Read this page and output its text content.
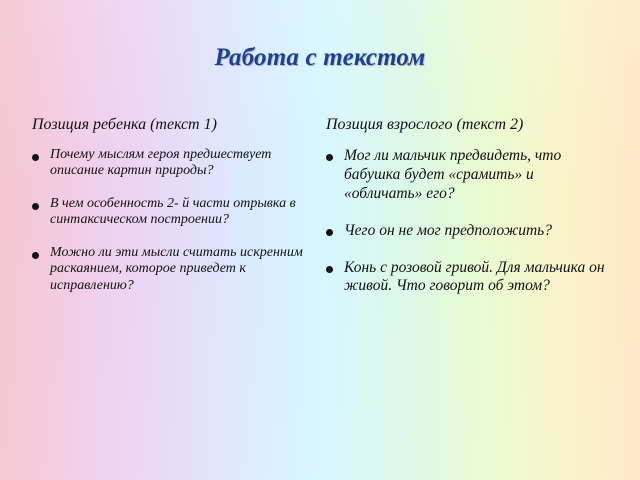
Работа с текстом
Позиция ребенка (текст 1)
Почему мыслям героя предшествует описание картин природы?
В чем особенность 2- й части отрывка в синтаксическом построении?
Можно ли эти мысли считать искренним раскаянием, которое приведет к исправлению?
Позиция взрослого (текст 2)
Мог ли мальчик предвидеть, что бабушка будет «срамить» и «обличать» его?
Чего он не мог предположить?
Конь с розовой гривой. Для мальчика он живой. Что говорит об этом?
